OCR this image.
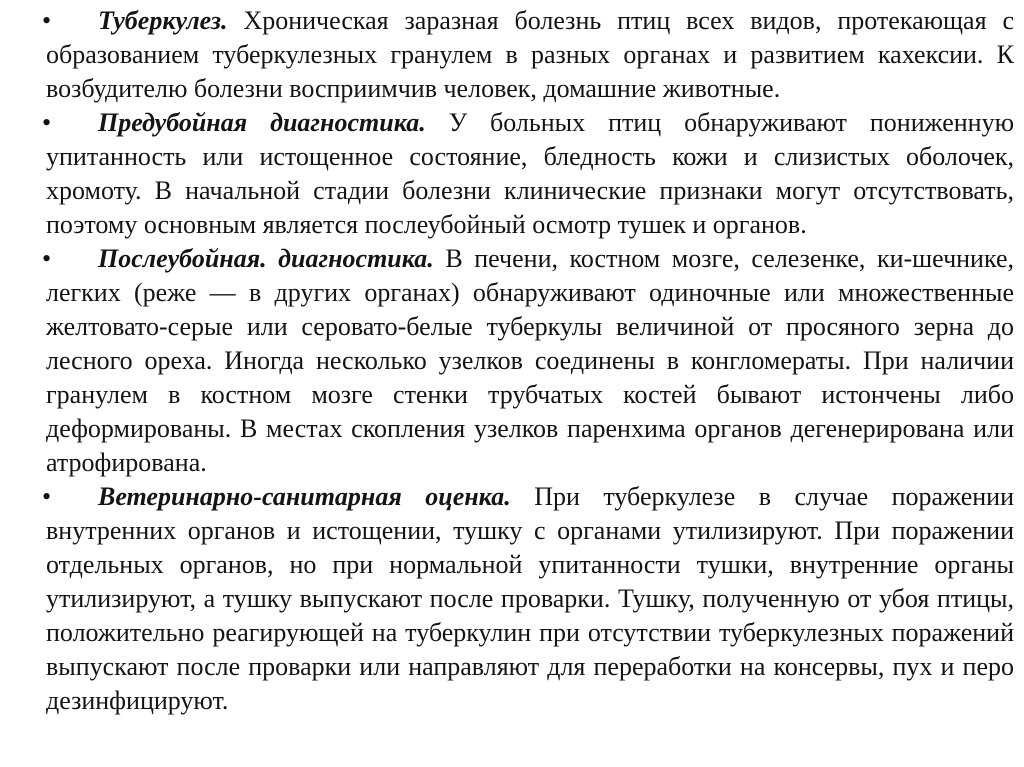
•	Туберкулез. Хроническая заразная болезнь птиц всех видов, протекающая с образованием туберкулезных гранулем в разных органах и развитием кахексии. К возбудителю болезни восприимчив человек, домашние животные.

•	Предубойная диагностика. У больных птиц обнаруживают пониженную упитанность или истощенное состояние, бледность кожи и слизистых оболочек, хромоту. В начальной стадии болезни клинические признаки могут отсутствовать, поэтому основным является послеубойный осмотр тушек и органов.

•	Послеубойная. диагностика. В печени, костном мозге, селезенке, ки-шечнике, легких (реже — в других органах) обнаруживают одиночные или множественные желтовато-серые или серовато-белые туберкулы величиной от просяного зерна до лесного ореха. Иногда несколько узелков соединены в конгломераты. При наличии гранулем в костном мозге стенки трубчатых костей бывают истончены либо деформированы. В местах скопления узелков паренхима органов дегенерирована или атрофирована.

•	Ветеринарно-санитарная оценка. При туберкулезе в случае поражении внутренних органов и истощении, тушку с органами утилизируют. При поражении отдельных органов, но при нормальной упитанности тушки, внутренние органы утилизируют, а тушку выпускают после проварки. Тушку, полученную от убоя птицы, положительно реагирующей на туберкулин при отсутствии туберкулезных поражений выпускают после проварки или направляют для переработки на консервы, пух и перо дезинфицируют.
